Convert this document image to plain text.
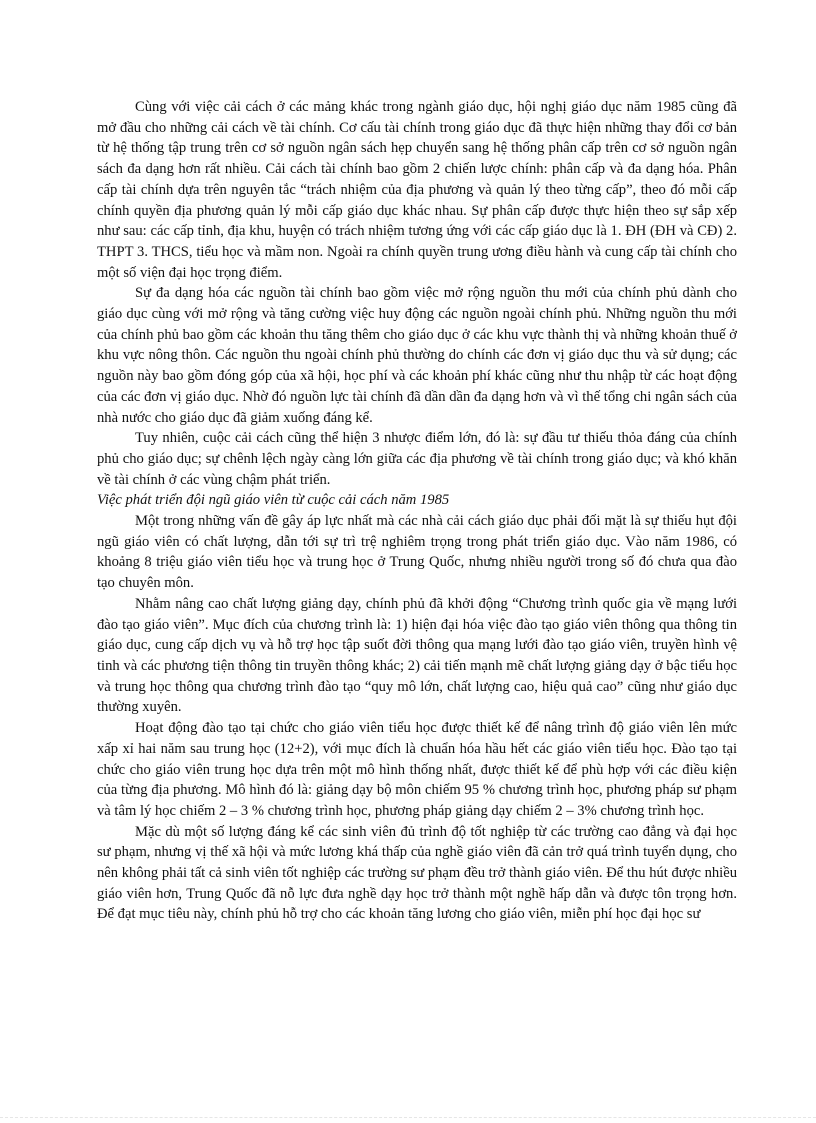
Cùng với việc cải cách ở các mảng khác trong ngành giáo dục, hội nghị giáo dục năm 1985 cũng đã mở đầu cho những cải cách về tài chính. Cơ cấu tài chính trong giáo dục đã thực hiện những thay đổi cơ bản từ hệ thống tập trung trên cơ sở nguồn ngân sách hẹp chuyển sang hệ thống phân cấp trên cơ sở nguồn ngân sách đa dạng hơn rất nhiều. Cải cách tài chính bao gồm 2 chiến lược chính: phân cấp và đa dạng hóa. Phân cấp tài chính dựa trên nguyên tắc “trách nhiệm của địa phương và quản lý theo từng cấp”, theo đó mỗi cấp chính quyền địa phương quản lý mỗi cấp giáo dục khác nhau. Sự phân cấp được thực hiện theo sự sắp xếp như sau: các cấp tỉnh, địa khu, huyện có trách nhiệm tương ứng với các cấp giáo dục là 1. ĐH (ĐH và CĐ) 2. THPT 3. THCS, tiểu học và mầm non. Ngoài ra chính quyền trung ương điều hành và cung cấp tài chính cho một số viện đại học trọng điểm.

Sự đa dạng hóa các nguồn tài chính bao gồm việc mở rộng nguồn thu mới của chính phủ dành cho giáo dục cùng với mở rộng và tăng cường việc huy động các nguồn ngoài chính phủ. Những nguồn thu mới của chính phủ bao gồm các khoản thu tăng thêm cho giáo dục ở các khu vực thành thị và những khoản thuế ở khu vực nông thôn. Các nguồn thu ngoài chính phủ thường do chính các đơn vị giáo dục thu và sử dụng; các nguồn này bao gồm đóng góp của xã hội, học phí và các khoản phí khác cũng như thu nhập từ các hoạt động của các đơn vị giáo dục. Nhờ đó nguồn lực tài chính đã dần dần đa dạng hơn và vì thế tổng chi ngân sách của nhà nước cho giáo dục đã giảm xuống đáng kể.

Tuy nhiên, cuộc cải cách cũng thể hiện 3 nhược điểm lớn, đó là: sự đầu tư thiếu thỏa đáng của chính phủ cho giáo dục; sự chênh lệch ngày càng lớn giữa các địa phương về tài chính trong giáo dục; và khó khăn về tài chính ở các vùng chậm phát triển.

Việc phát triển đội ngũ giáo viên từ cuộc cải cách năm 1985

Một trong những vấn đề gây áp lực nhất mà các nhà cải cách giáo dục phải đối mặt là sự thiếu hụt đội ngũ giáo viên có chất lượng, dẫn tới sự trì trệ nghiêm trọng trong phát triển giáo dục. Vào năm 1986, có khoảng 8 triệu giáo viên tiểu học và trung học ở Trung Quốc, nhưng nhiều người trong số đó chưa qua đào tạo chuyên môn.

Nhằm nâng cao chất lượng giảng dạy, chính phủ đã khởi động “Chương trình quốc gia về mạng lưới đào tạo giáo viên”. Mục đích của chương trình là: 1) hiện đại hóa việc đào tạo giáo viên thông qua thông tin giáo dục, cung cấp dịch vụ và hỗ trợ học tập suốt đời thông qua mạng lưới đào tạo giáo viên, truyền hình vệ tinh và các phương tiện thông tin truyền thông khác; 2) cải tiến mạnh mẽ chất lượng giảng dạy ở bậc tiểu học và trung học thông qua chương trình đào tạo “quy mô lớn, chất lượng cao, hiệu quả cao” cũng như giáo dục thường xuyên.

Hoạt động đào tạo tại chức cho giáo viên tiểu học được thiết kế để nâng trình độ giáo viên lên mức xấp xỉ hai năm sau trung học (12+2), với mục đích là chuẩn hóa hầu hết các giáo viên tiểu học. Đào tạo tại chức cho giáo viên trung học dựa trên một mô hình thống nhất, được thiết kế để phù hợp với các điều kiện của từng địa phương. Mô hình đó là: giảng dạy bộ môn chiếm 95 % chương trình học, phương pháp sư phạm và tâm lý học chiếm 2 – 3 % chương trình học, phương pháp giảng dạy chiếm 2 – 3% chương trình học.

Mặc dù một số lượng đáng kể các sinh viên đủ trình độ tốt nghiệp từ các trường cao đẳng và đại học sư phạm, nhưng vị thế xã hội và mức lương khá thấp của nghề giáo viên đã cản trở quá trình tuyển dụng, cho nên không phải tất cả sinh viên tốt nghiệp các trường sư phạm đều trở thành giáo viên. Để thu hút được nhiều giáo viên hơn, Trung Quốc đã nỗ lực đưa nghề dạy học trở thành một nghề hấp dẫn và được tôn trọng hơn. Để đạt mục tiêu này, chính phủ hỗ trợ cho các khoản tăng lương cho giáo viên, miễn phí học đại học sư
